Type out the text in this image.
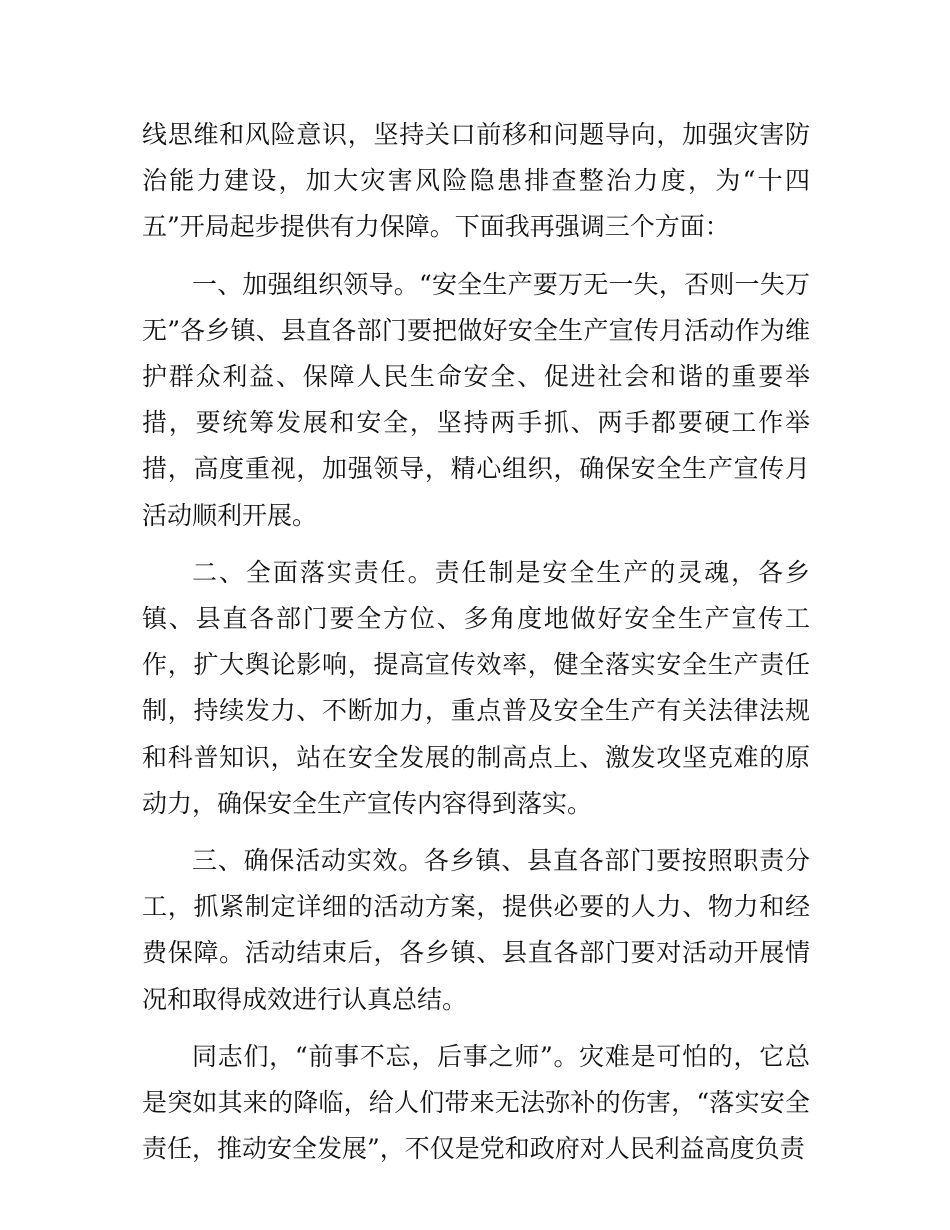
线思维和风险意识，坚持关口前移和问题导向，加强灾害防治能力建设，加大灾害风险隐患排查整治力度，为“十四五”开局起步提供有力保障。下面我再强调三个方面：

一、加强组织领导。“安全生产要万无一失，否则一失万无”各乡镇、县直各部门要把做好安全生产宣传月活动作为维护群众利益、保障人民生命安全、促进社会和谐的重要举措，要统筹发展和安全，坚持两手抓、两手都要硬工作举措，高度重视，加强领导，精心组织，确保安全生产宣传月活动顺利开展。

二、全面落实责任。责任制是安全生产的灵魂，各乡镇、县直各部门要全方位、多角度地做好安全生产宣传工作，扩大舆论影响，提高宣传效率，健全落实安全生产责任制，持续发力、不断加力，重点普及安全生产有关法律法规和科普知识，站在安全发展的制高点上、激发攻坚克难的原动力，确保安全生产宣传内容得到落实。

三、确保活动实效。各乡镇、县直各部门要按照职责分工，抓紧制定详细的活动方案，提供必要的人力、物力和经费保障。活动结束后，各乡镇、县直各部门要对活动开展情况和取得成效进行认真总结。

同志们，“前事不忘，后事之师”。灾难是可怕的，它总是突如其来的降临，给人们带来无法弥补的伤害，“落实安全责任，推动安全发展”，不仅是党和政府对人民利益高度负责
